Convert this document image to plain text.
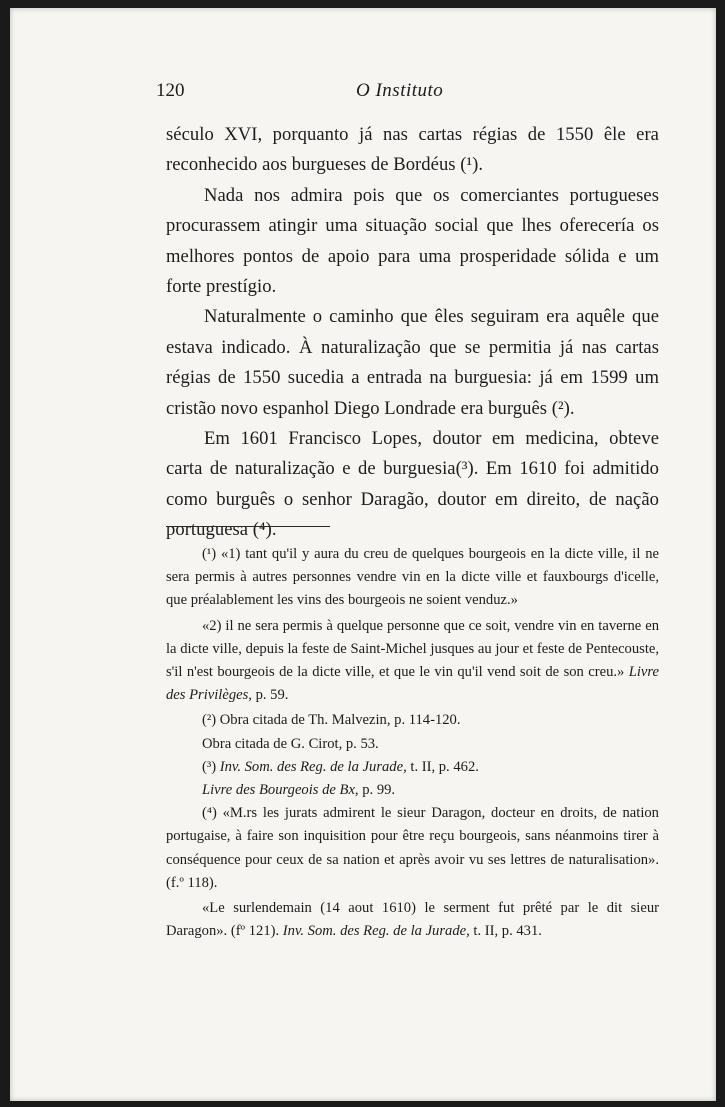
120	O Instituto

século XVI, porquanto já nas cartas régias de 1550 êle era reconhecido aos burgueses de Bordéus (¹).

Nada nos admira pois que os comerciantes portugueses procurassem atingir uma situação social que lhes oferecería os melhores pontos de apoio para uma prosperidade sólida e um forte prestígio.

Naturalmente o caminho que êles seguiram era aquêle que estava indicado. À naturalização que se permitia já nas cartas régias de 1550 sucedia a entrada na burguesia: já em 1599 um cristão novo espanhol Diego Londrade era burguês (²).

Em 1601 Francisco Lopes, doutor em medicina, obteve carta de naturalização e de burguesia(³). Em 1610 foi admitido como burguês o senhor Daragão, doutor em direito, de nação portuguesa (⁴).

(¹) «1) tant qu'il y aura du creu de quelques bourgeois en la dicte ville, il ne sera permis à autres personnes vendre vin en la dicte ville et fauxbourgs d'icelle, que préalablement les vins des bourgeois ne soient venduz.»

«2) il ne sera permis à quelque personne que ce soit, vendre vin en taverne en la dicte ville, depuis la feste de Saint-Michel jusques au jour et feste de Pentecouste, s'il n'est bourgeois de la dicte ville, et que le vin qu'il vend soit de son creu.» Livre des Privilèges, p. 59.

(²) Obra citada de Th. Malvezin, p. 114-120.

Obra citada de G. Cirot, p. 53.

(³) Inv. Som. des Reg. de la Jurade, t. II, p. 462.

Livre des Bourgeois de Bx, p. 99.

(⁴) «M.rs les jurats admirent le sieur Daragon, docteur en droits, de nation portugaise, à faire son inquisition pour être reçu bourgeois, sans néanmoins tirer à conséquence pour ceux de sa nation et après avoir vu ses lettres de naturalisation». (f.º 118).

«Le surlendemain (14 aout 1610) le serment fut prêté par le dit sieur Daragon». (fº 121). Inv. Som. des Reg. de la Jurade, t. II, p. 431.
